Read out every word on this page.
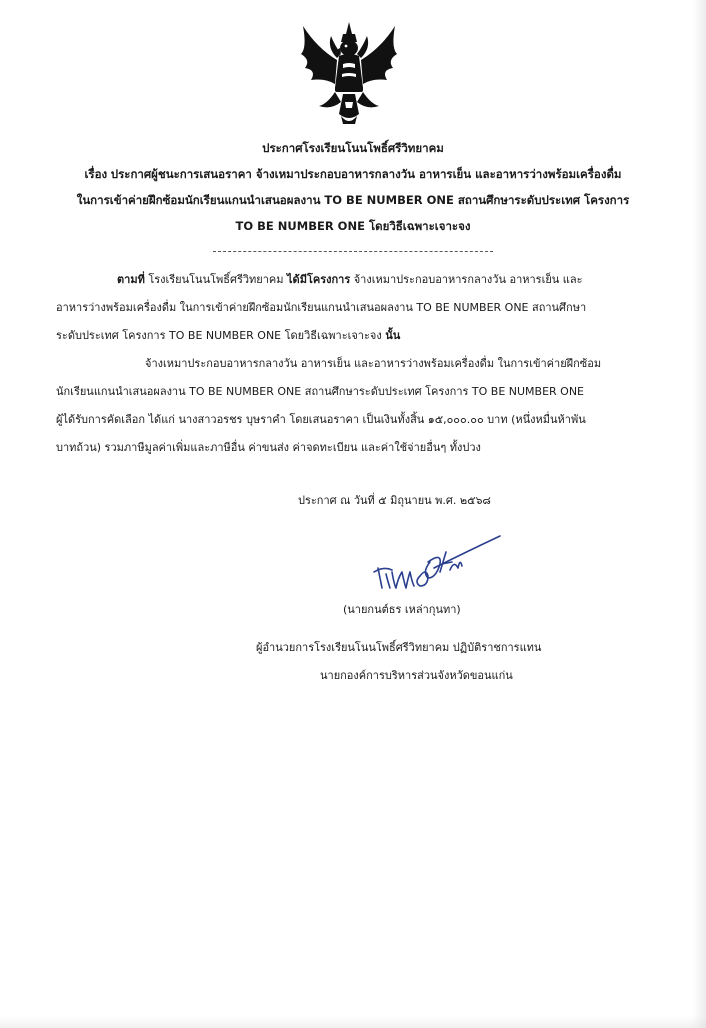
ประกาศโรงเรียนโนนโพธิ์ศรีวิทยาคม
เรื่อง ประกาศผู้ชนะการเสนอราคา จ้างเหมาประกอบอาหารกลางวัน อาหารเย็น และอาหารว่างพร้อมเครื่องดื่ม
ในการเข้าค่ายฝึกซ้อมนักเรียนแกนนำเสนอผลงาน TO BE NUMBER ONE สถานศึกษาระดับประเทศ โครงการ
TO BE NUMBER ONE โดยวิธีเฉพาะเจาะจง
ตามที่ โรงเรียนโนนโพธิ์ศรีวิทยาคม ได้มีโครงการ จ้างเหมาประกอบอาหารกลางวัน อาหารเย็น และ
อาหารว่างพร้อมเครื่องดื่ม ในการเข้าค่ายฝึกซ้อมนักเรียนแกนนำเสนอผลงาน TO BE NUMBER ONE สถานศึกษา
ระดับประเทศ โครงการ TO BE NUMBER ONE โดยวิธีเฉพาะเจาะจง นั้น
จ้างเหมาประกอบอาหารกลางวัน อาหารเย็น และอาหารว่างพร้อมเครื่องดื่ม ในการเข้าค่ายฝึกซ้อม
นักเรียนแกนนำเสนอผลงาน TO BE NUMBER ONE สถานศึกษาระดับประเทศ โครงการ TO BE NUMBER ONE
ผู้ได้รับการคัดเลือก ได้แก่ นางสาวอรชร บุษราคำ โดยเสนอราคา เป็นเงินทั้งสิ้น ๑๕,๐๐๐.๐๐ บาท (หนึ่งหมื่นห้าพัน
บาทถ้วน) รวมภาษีมูลค่าเพิ่มและภาษีอื่น ค่าขนส่ง ค่าจดทะเบียน และค่าใช้จ่ายอื่นๆ ทั้งปวง
ประกาศ ณ วันที่ ๕ มิถุนายน พ.ศ. ๒๕๖๘
(นายกนต์ธร เหล่ากุนทา)
ผู้อำนวยการโรงเรียนโนนโพธิ์ศรีวิทยาคม ปฏิบัติราชการแทน
นายกองค์การบริหารส่วนจังหวัดขอนแก่น
